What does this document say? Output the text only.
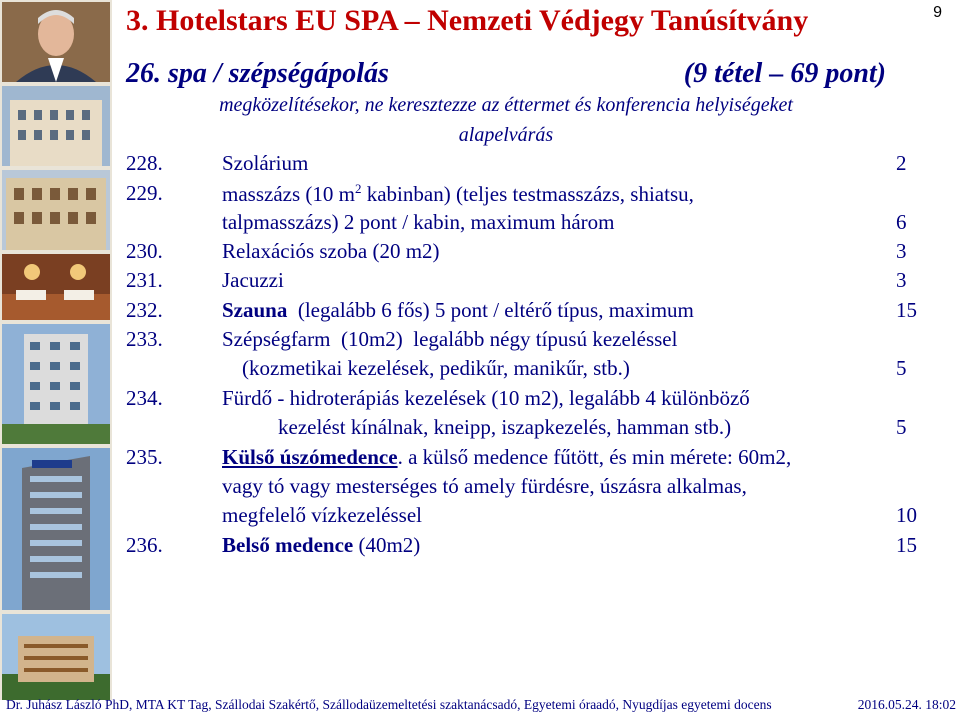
9
3. Hotelstars EU SPA – Nemzeti Védjegy Tanúsítvány
26. spa / szépségápolás	(9 tétel – 69 pont)
megközelítésekor, ne keresztezze az éttermet és konferencia helyiségeket
alapelvárás
228.	Szolárium	2
229.	masszázs (10 $m^2$ kabinban) (teljes testmasszázs, shiatsu,
talpmasszázs) 2 pont / kabin, maximum három	6
230.	Relaxációs szoba (20 m2)	3
231.	Jacuzzi	3
232.	Szauna  (legalább 6 fős) 5 pont / eltérő típus, maximum	15
233.	Szépségfarm  (10m2)  legalább négy típusú kezeléssel
(kozmetikai kezelések, pedikűr, manikűr, stb.)	5
234.	Fürdő - hidroterápiás kezelések (10 m2), legalább 4 különböző
kezelést kínálnak, kneipp, iszapkezelés, hamman stb.)	5
235.	Külső úszómedence. a külső medence fűtött, és min mérete: 60m2,
vagy tó vagy mesterséges tó amely fürdésre, úszásra alkalmas,
megfelelő vízkezeléssel	10
236.	Belső medence (40m2)	15
Dr. Juhász László PhD, MTA KT Tag, Szállodai Szakértő, Szállodaüzemeltetési szaktanácsadó, Egyetemi óraadó, Nyugdíjas egyetemi docens	2016.05.24. 18:02
